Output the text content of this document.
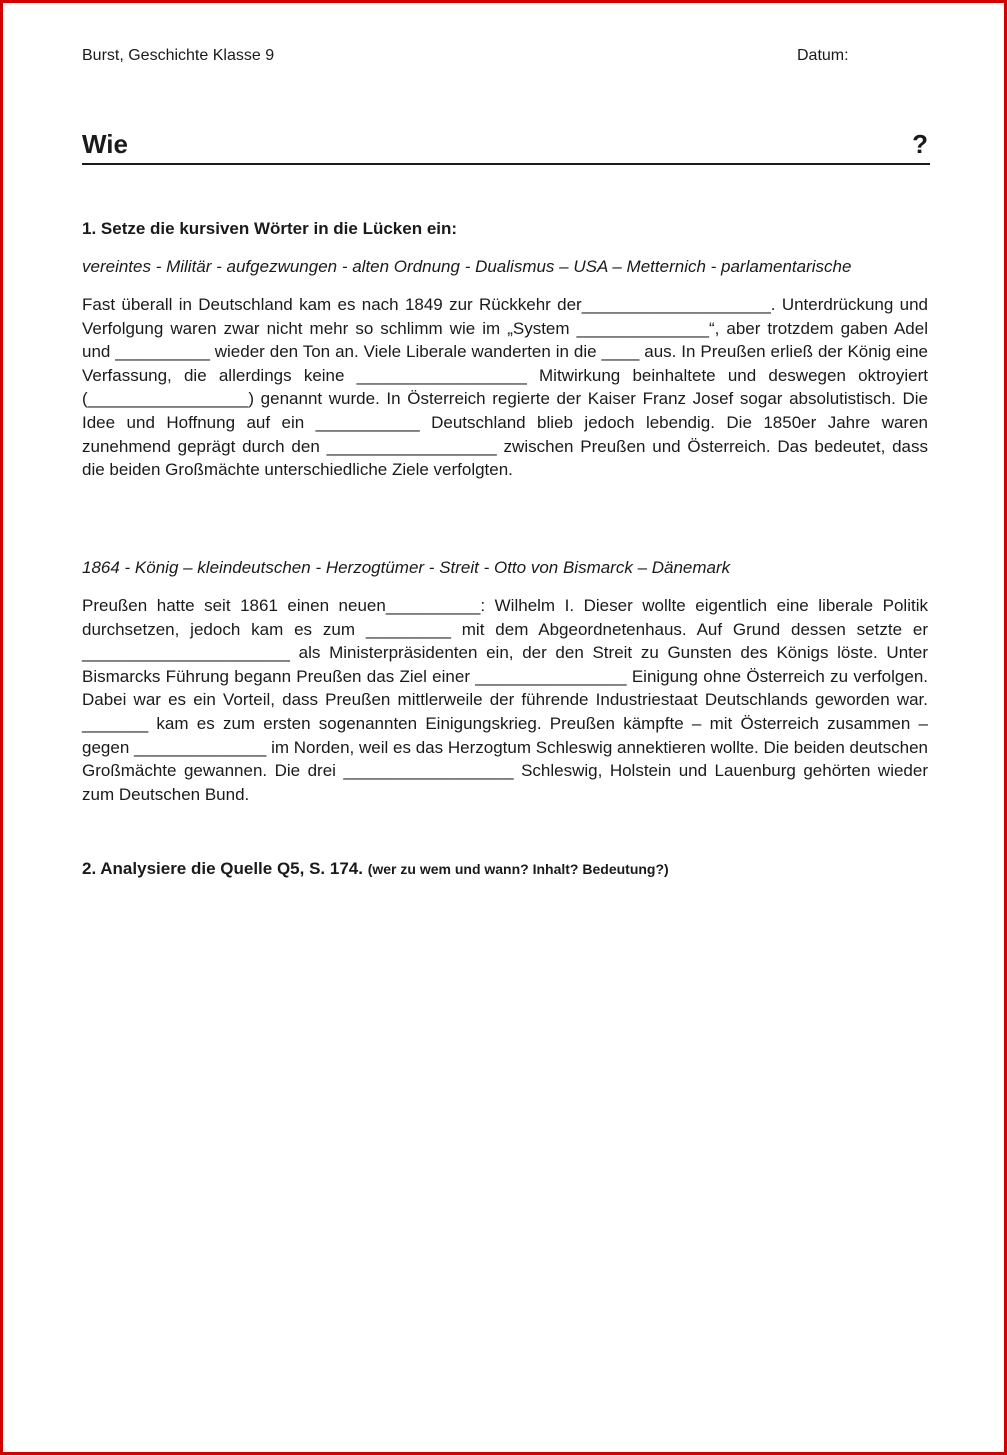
Burst, Geschichte Klasse 9	Datum:
Wie	?
1. Setze die kursiven Wörter in die Lücken ein:
vereintes - Militär - aufgezwungen - alten Ordnung - Dualismus – USA – Metternich - parlamentarische

Fast überall in Deutschland kam es nach 1849 zur Rückkehr der____________________. Unterdrückung und Verfolgung waren zwar nicht mehr so schlimm wie im „System ______________“, aber trotzdem gaben Adel und __________ wieder den Ton an. Viele Liberale wanderten in die ____ aus. In Preußen erließ der König eine Verfassung, die allerdings keine __________________ Mitwirkung beinhaltete und deswegen oktroyiert (_________________) genannt wurde. In Österreich regierte der Kaiser Franz Josef sogar absolutistisch. Die Idee und Hoffnung auf ein ___________ Deutschland blieb jedoch lebendig. Die 1850er Jahre waren zunehmend geprägt durch den __________________ zwischen Preußen und Österreich. Das bedeutet, dass die beiden Großmächte unterschiedliche Ziele verfolgten.

1864 - König – kleindeutschen - Herzogtümer - Streit - Otto von Bismarck – Dänemark

Preußen hatte seit 1861 einen neuen__________: Wilhelm I. Dieser wollte eigentlich eine liberale Politik durchsetzen, jedoch kam es zum _________ mit dem Abgeordnetenhaus. Auf Grund dessen setzte er ______________________ als Ministerpräsidenten ein, der den Streit zu Gunsten des Königs löste. Unter Bismarcks Führung begann Preußen das Ziel einer ________________ Einigung ohne Österreich zu verfolgen. Dabei war es ein Vorteil, dass Preußen mittlerweile der führende Industriestaat Deutschlands geworden war. _______ kam es zum ersten sogenannten Einigungskrieg. Preußen kämpfte – mit Österreich zusammen – gegen ______________ im Norden, weil es das Herzogtum Schleswig annektieren wollte. Die beiden deutschen Großmächte gewannen. Die drei __________________ Schleswig, Holstein und Lauenburg gehörten wieder zum Deutschen Bund.

2. Analysiere die Quelle Q5, S. 174. (wer zu wem und wann? Inhalt? Bedeutung?)
